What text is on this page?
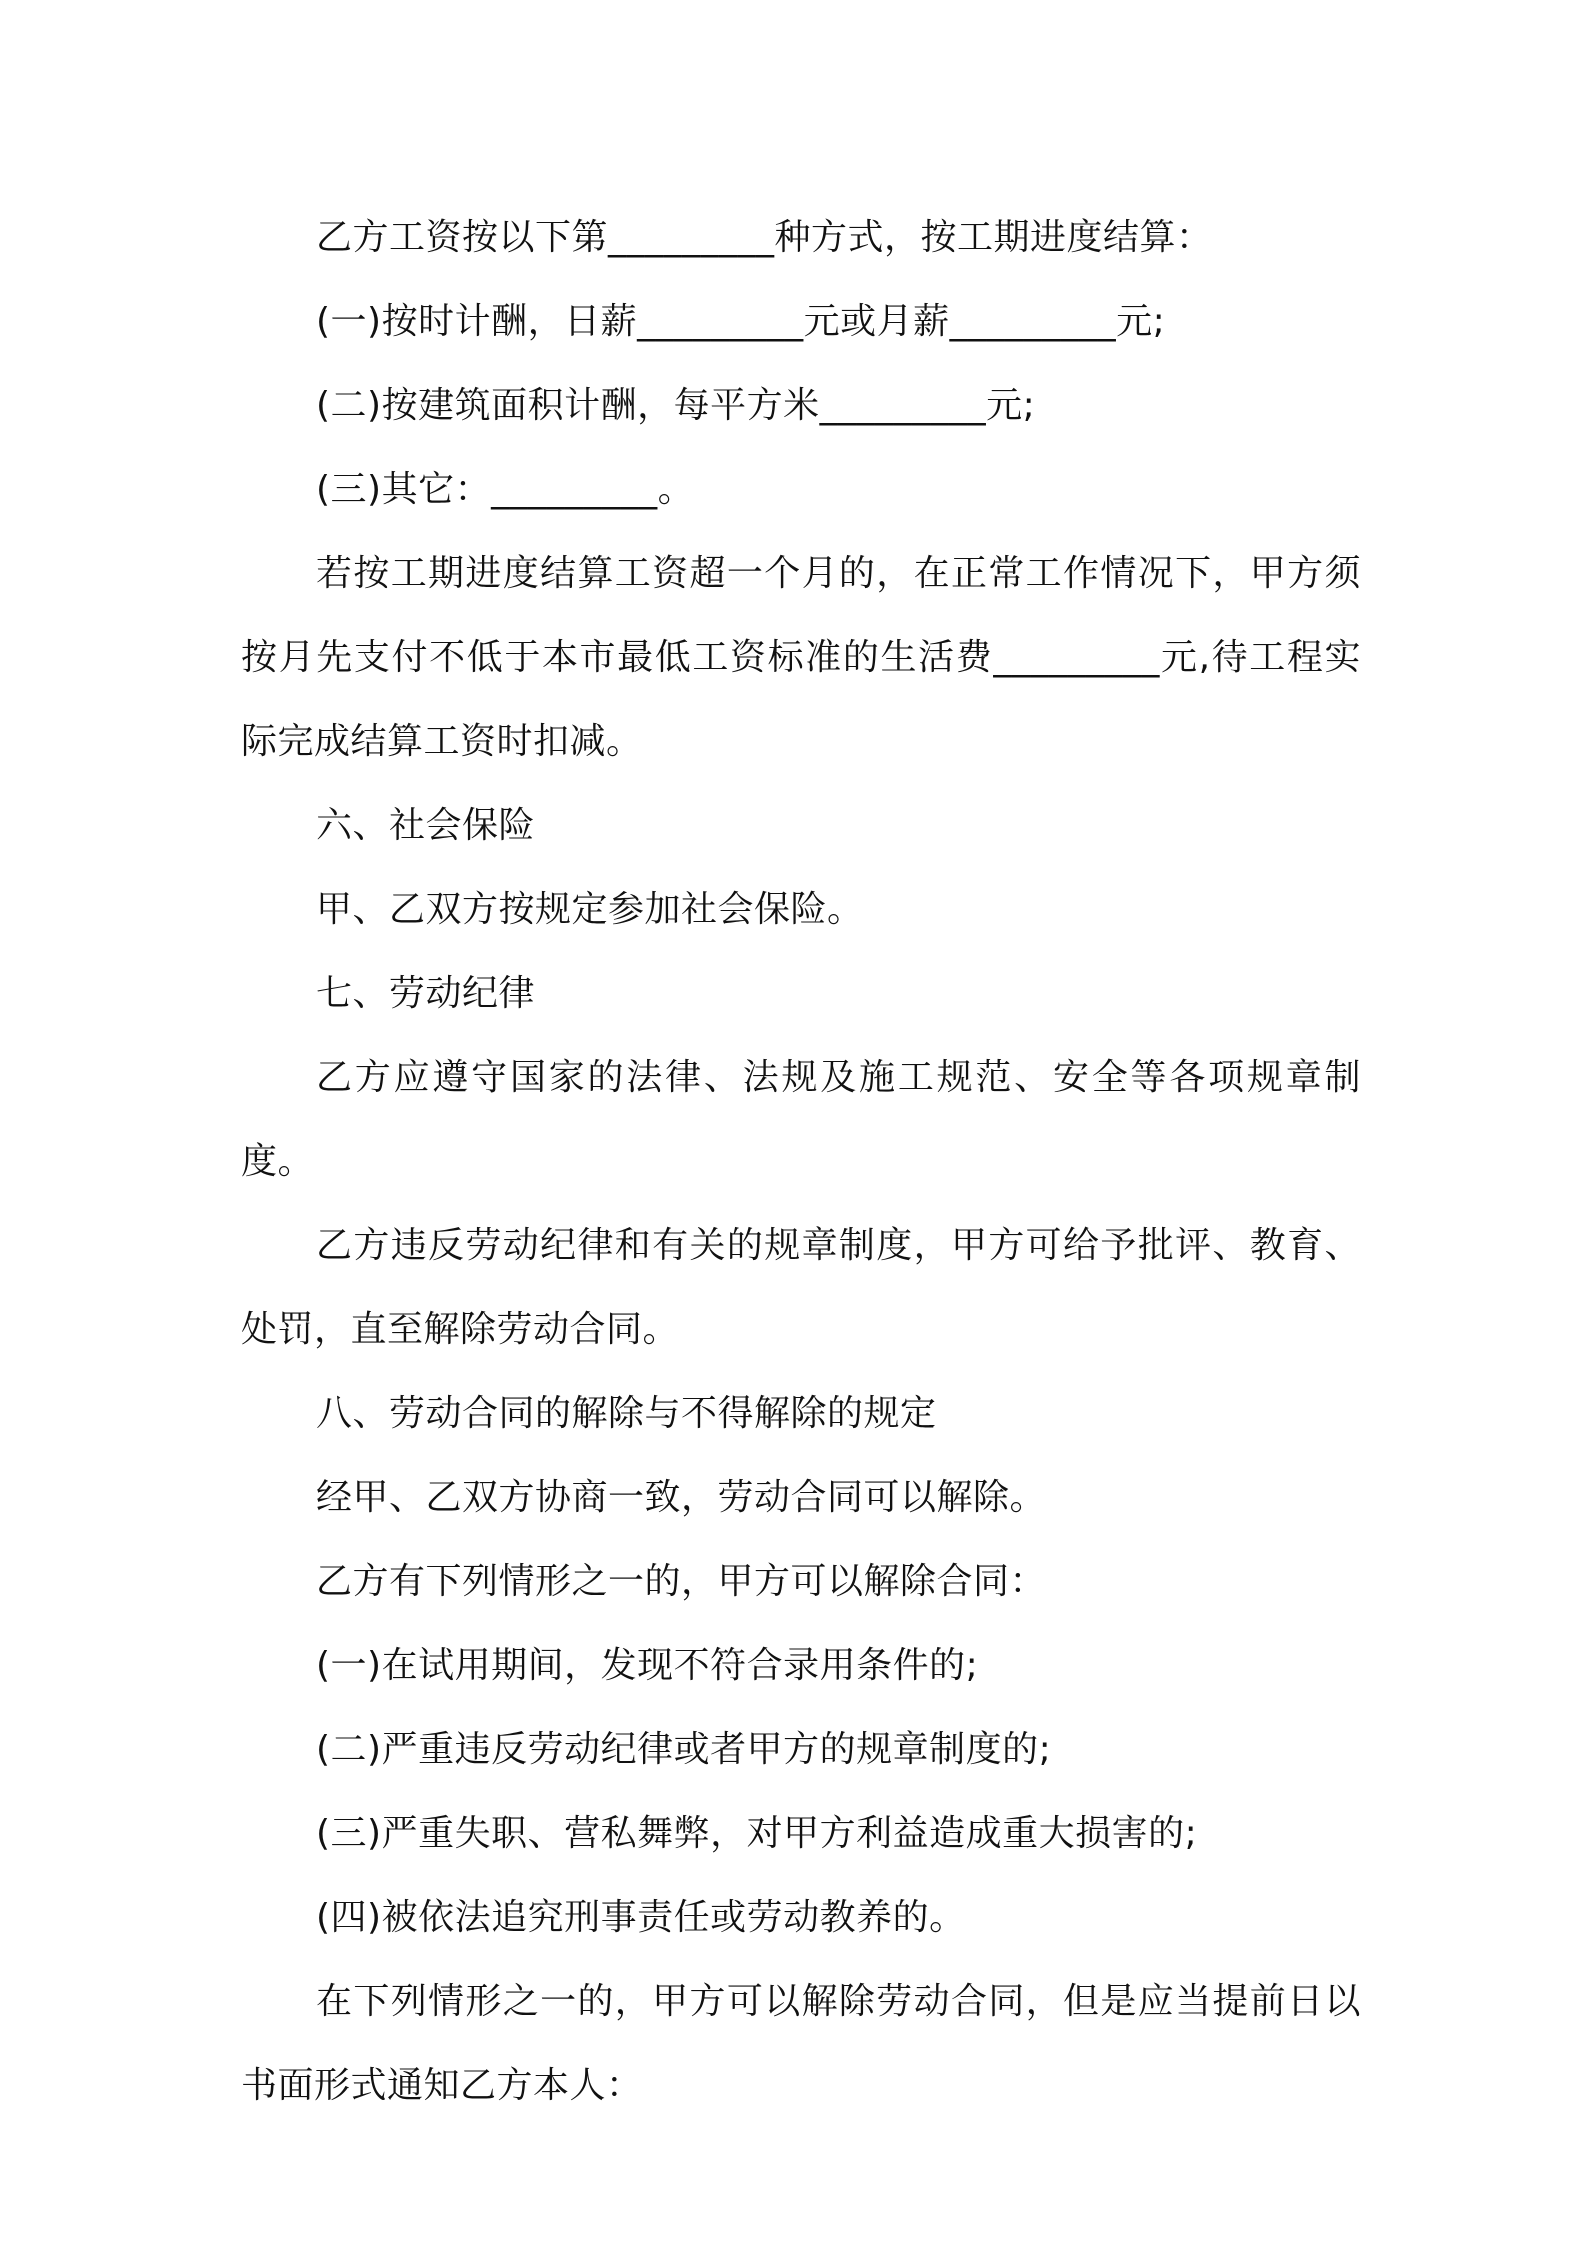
乙方工资按以下第_________种方式，按工期进度结算：

(一)按时计酬，日薪_________元或月薪_________元;

(二)按建筑面积计酬，每平方米_________元;

(三)其它：_________。

若按工期进度结算工资超一个月的，在正常工作情况下，甲方须按月先支付不低于本市最低工资标准的生活费_________元,待工程实际完成结算工资时扣减。

六、社会保险

甲、乙双方按规定参加社会保险。

七、劳动纪律

乙方应遵守国家的法律、法规及施工规范、安全等各项规章制度。

乙方违反劳动纪律和有关的规章制度，甲方可给予批评、教育、处罚，直至解除劳动合同。

八、劳动合同的解除与不得解除的规定

经甲、乙双方协商一致，劳动合同可以解除。

乙方有下列情形之一的，甲方可以解除合同：

(一)在试用期间，发现不符合录用条件的;

(二)严重违反劳动纪律或者甲方的规章制度的;

(三)严重失职、营私舞弊，对甲方利益造成重大损害的;

(四)被依法追究刑事责任或劳动教养的。

在下列情形之一的，甲方可以解除劳动合同，但是应当提前日以书面形式通知乙方本人：
